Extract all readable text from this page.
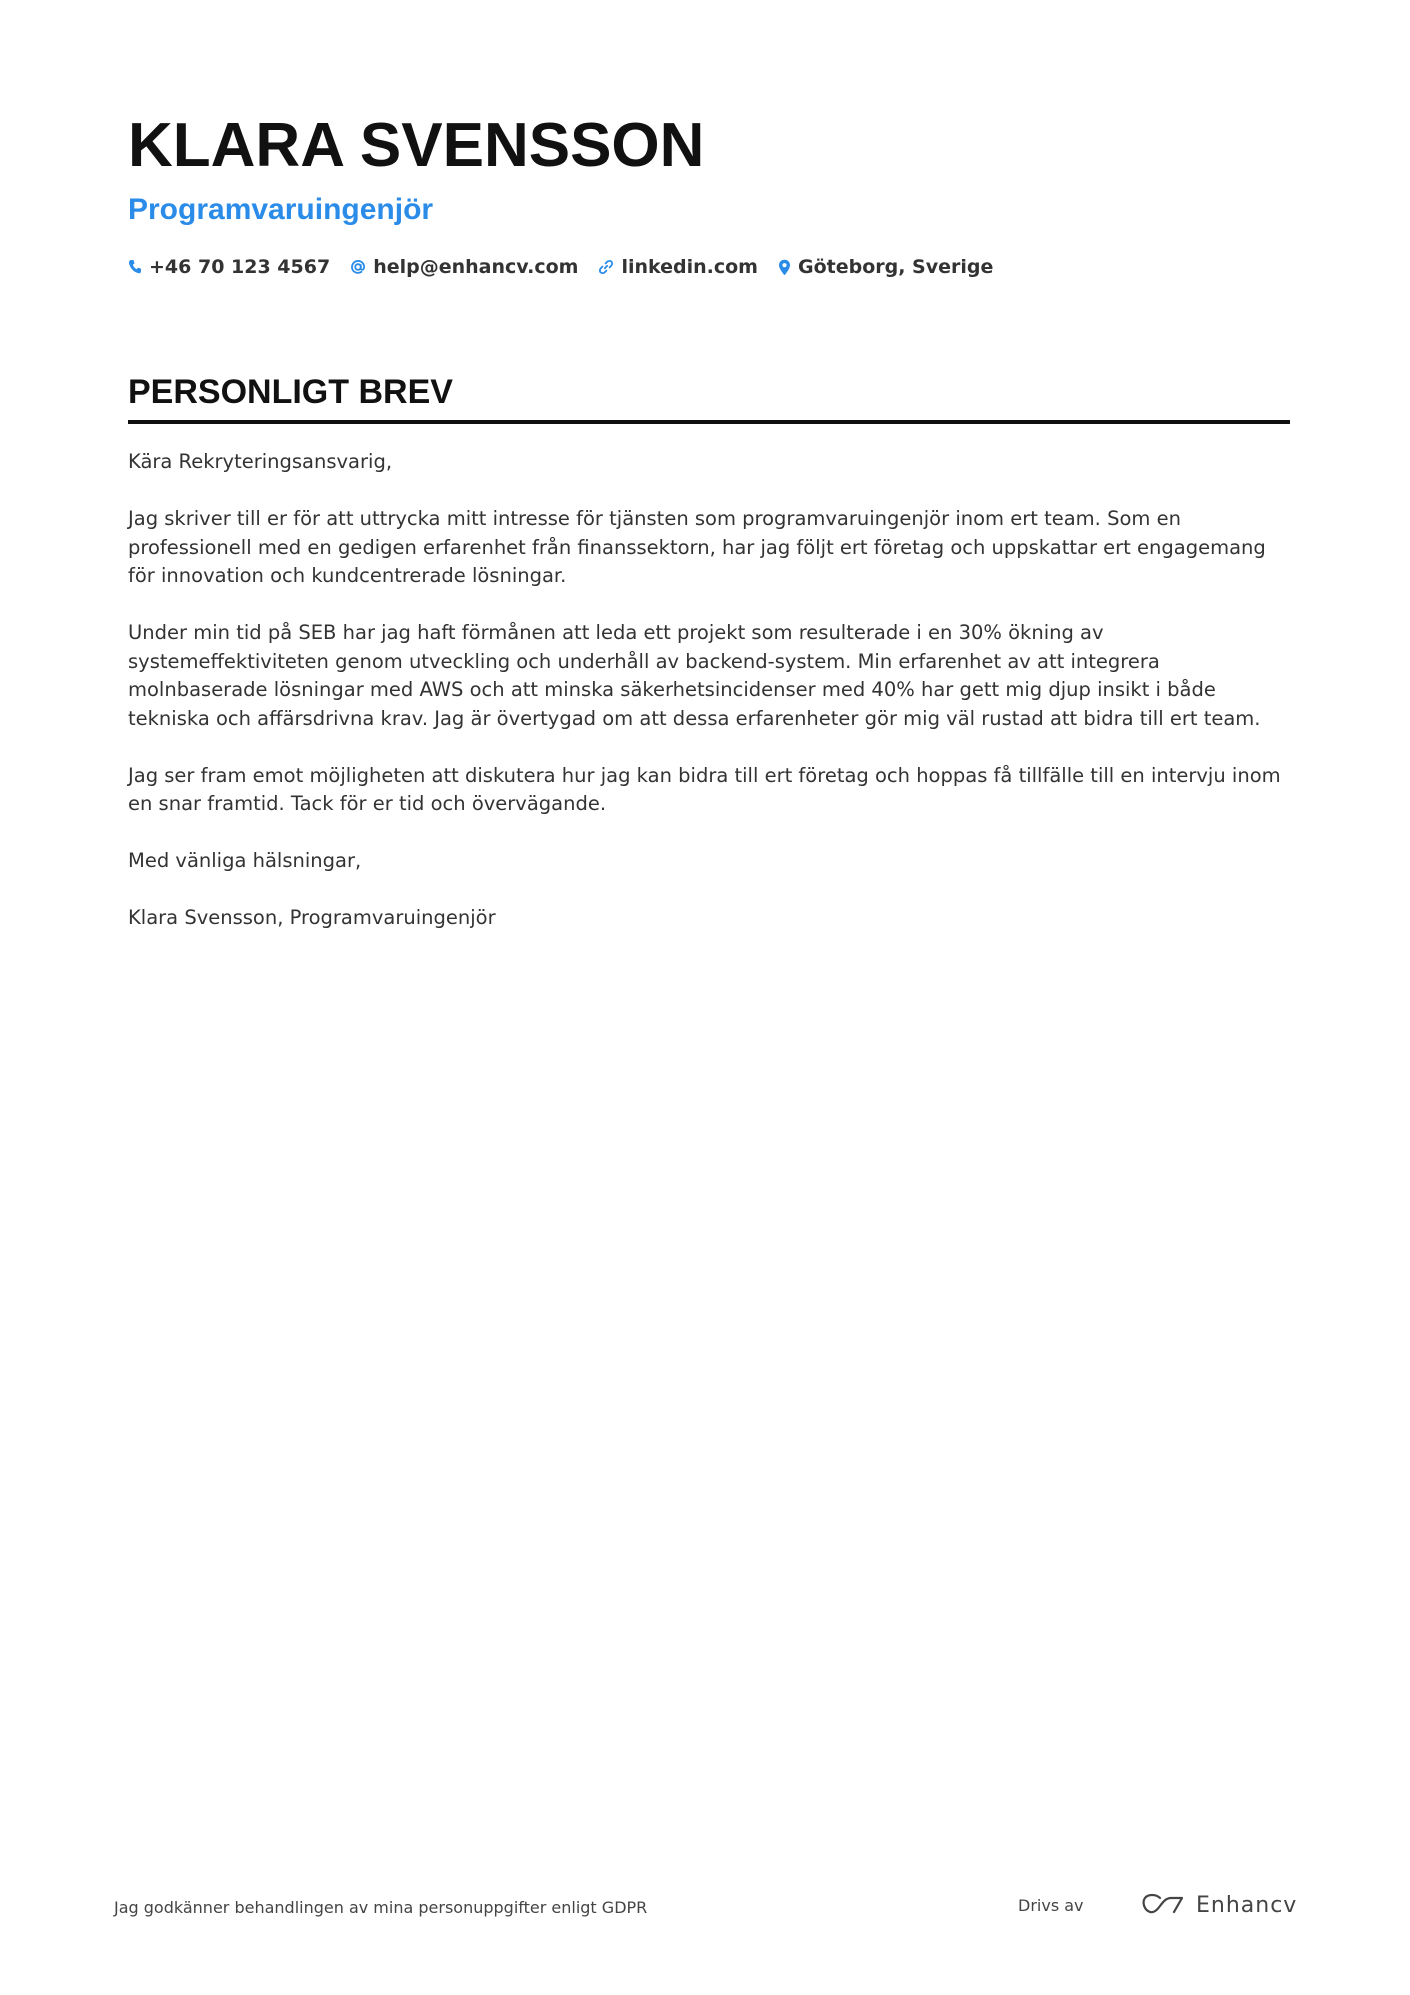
KLARA SVENSSON
Programvaruingenjör
+46 70 123 4567 help@enhancv.com linkedin.com Göteborg, Sverige
PERSONLIGT BREV

Kära Rekryteringsansvarig,

Jag skriver till er för att uttrycka mitt intresse för tjänsten som programvaruingenjör inom ert team. Som en professionell med en gedigen erfarenhet från finanssektorn, har jag följt ert företag och uppskattar ert engagemang för innovation och kundcentrerade lösningar.

Under min tid på SEB har jag haft förmånen att leda ett projekt som resulterade i en 30% ökning av systemeffektiviteten genom utveckling och underhåll av backend-system. Min erfarenhet av att integrera molnbaserade lösningar med AWS och att minska säkerhetsincidenser med 40% har gett mig djup insikt i både tekniska och affärsdrivna krav. Jag är övertygad om att dessa erfarenheter gör mig väl rustad att bidra till ert team.

Jag ser fram emot möjligheten att diskutera hur jag kan bidra till ert företag och hoppas få tillfälle till en intervju inom en snar framtid. Tack för er tid och övervägande.

Med vänliga hälsningar,

Klara Svensson, Programvaruingenjör

Jag godkänner behandlingen av mina personuppgifter enligt GDPR	Drivs av	Enhancv
